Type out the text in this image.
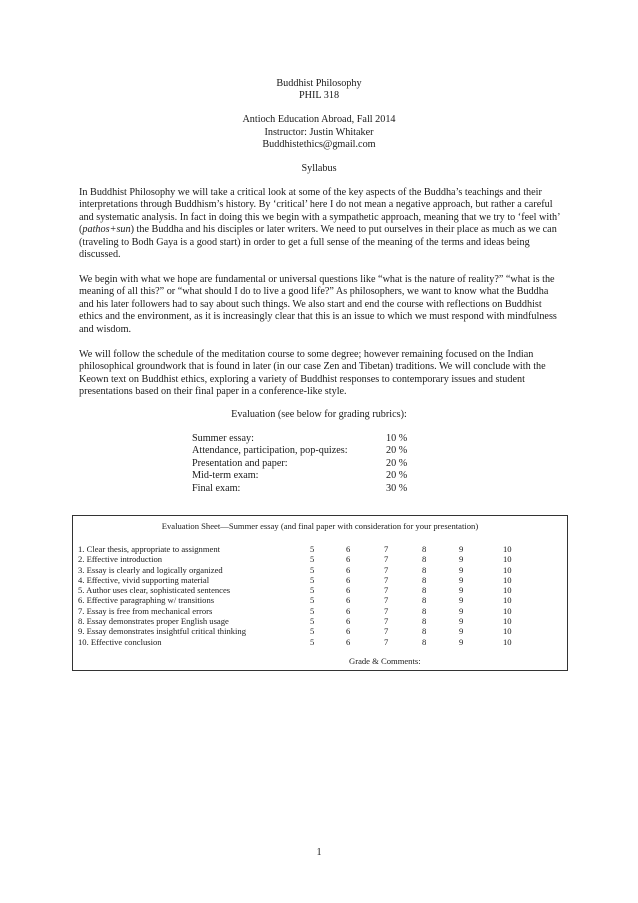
Buddhist Philosophy
PHIL 318
Antioch Education Abroad, Fall 2014
Instructor: Justin Whitaker
Buddhistethics@gmail.com
Syllabus

In Buddhist Philosophy we will take a critical look at some of the key aspects of the Buddha’s teachings and their interpretations through Buddhism’s history. By ‘critical’ here I do not mean a negative approach, but rather a careful and systematic analysis. In fact in doing this we begin with a sympathetic approach, meaning that we try to ‘feel with’ (pathos+sun) the Buddha and his disciples or later writers. We need to put ourselves in their place as much as we can (traveling to Bodh Gaya is a good start) in order to get a full sense of the meaning of the terms and ideas being discussed.

We begin with what we hope are fundamental or universal questions like “what is the nature of reality?” “what is the meaning of all this?” or “what should I do to live a good life?” As philosophers, we want to know what the Buddha and his later followers had to say about such things. We also start and end the course with reflections on Buddhist ethics and the environment, as it is increasingly clear that this is an issue to which we must respond with mindfulness and wisdom.

We will follow the schedule of the meditation course to some degree; however remaining focused on the Indian philosophical groundwork that is found in later (in our case Zen and Tibetan) traditions. We will conclude with the Keown text on Buddhist ethics, exploring a variety of Buddhist responses to contemporary issues and student presentations based on their final paper in a conference-like style.

Evaluation (see below for grading rubrics):
Summer essay:	10 %
Attendance, participation, pop-quizes:	20 %
Presentation and paper:	20 %
Mid-term exam:	20 %
Final exam:	30 %
Evaluation Sheet—Summer essay (and final paper with consideration for your presentation)
1. Clear thesis, appropriate to assignment	5	6	7	8	9	10
2. Effective introduction	5	6	7	8	9	10
3. Essay is clearly and logically organized	5	6	7	8	9	10
4. Effective, vivid supporting material	5	6	7	8	9	10
5. Author uses clear, sophisticated sentences	5	6	7	8	9	10
6. Effective paragraphing w/ transitions	5	6	7	8	9	10
7. Essay is free from mechanical errors	5	6	7	8	9	10
8. Essay demonstrates proper English usage	5	6	7	8	9	10
9. Essay demonstrates insightful critical thinking	5	6	7	8	9	10
10. Effective conclusion	5	6	7	8	9	10
Grade & Comments:
1
